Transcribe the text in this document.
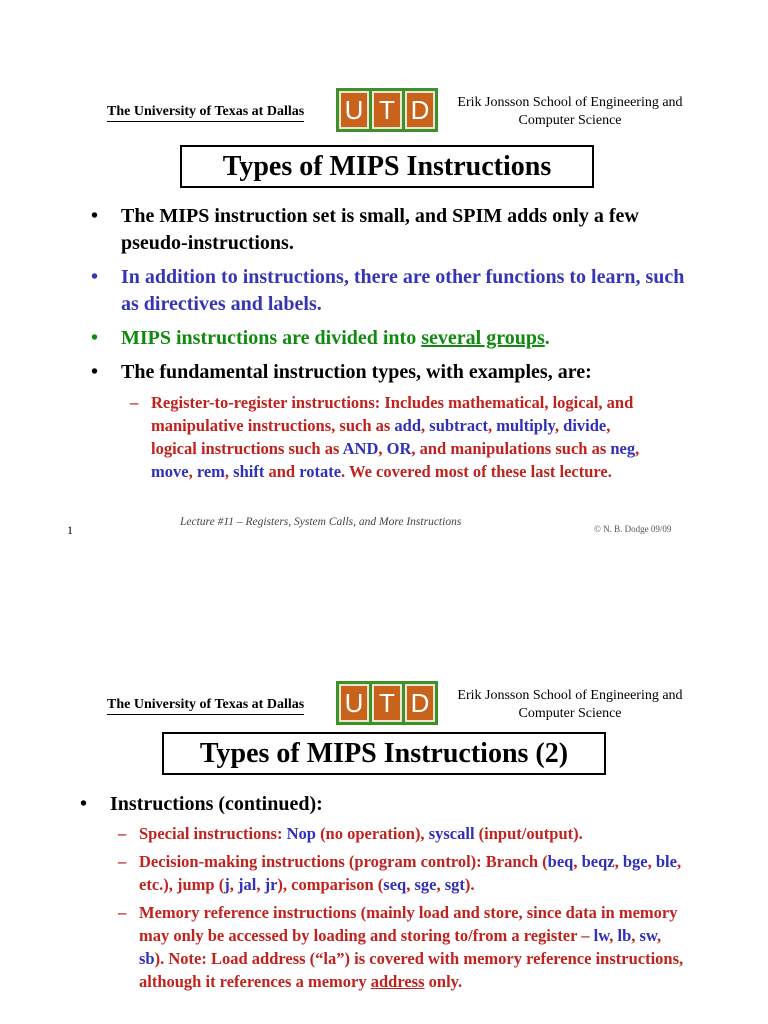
The University of Texas at Dallas U T D	Erik Jonsson School of Engineering and
Computer Science
Types of MIPS Instructions
• The MIPS instruction set is small, and SPIM adds only a few pseudo-instructions.
• In addition to instructions, there are other functions to learn, such as directives and labels.
• MIPS instructions are divided into several groups.
• The fundamental instruction types, with examples, are:
– Register-to-register instructions: Includes mathematical, logical, and manipulative instructions, such as add, subtract, multiply, divide, logical instructions such as AND, OR, and manipulations such as neg, move, rem, shift and rotate. We covered most of these last lecture.
1
Lecture #11 – Registers, System Calls, and More Instructions
© N. B. Dodge 09/09
The University of Texas at Dallas U T D	Erik Jonsson School of Engineering and
Computer Science
Types of MIPS Instructions (2)
• Instructions (continued):
– Special instructions: Nop (no operation), syscall (input/output).
– Decision-making instructions (program control): Branch (beq, beqz, bge, ble, etc.), jump (j, jal, jr), comparison (seq, sge, sgt).
– Memory reference instructions (mainly load and store, since data in memory may only be accessed by loading and storing to/from a register – lw, lb, sw, sb). Note: Load address (“la”) is covered with memory reference instructions, although it references a memory address only.
